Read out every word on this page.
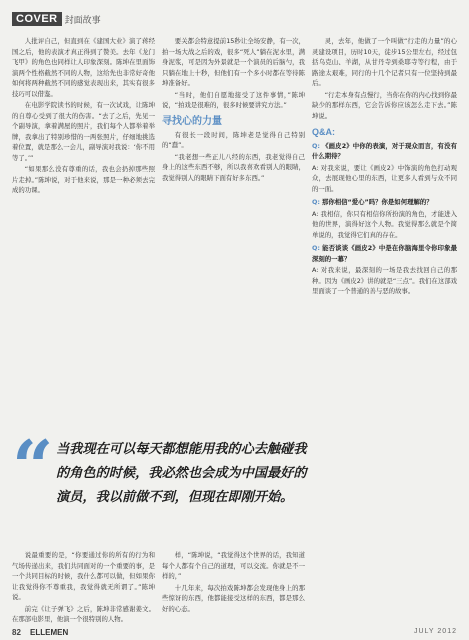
COVER 封面故事

人批评自己，但直到在《建国大业》演了蒋经国之后，他的表演才真正得到了赞美。去年《龙门飞甲》的角色也同样让人印象深刻。陈坤在里面饰演两个性格截然不同的人物，这给先也非常好奇他如何将两种截然不同的感觉表现出来，其实有很多技巧可以借鉴。

在电影学院读书的时候，有一次试戏，让陈坤的自尊心受到了很大的伤害。“去了之后，先见一个副导演，拿着满屋的照片，我们每个人都举着举牌，我拿出了特别珍惜的一两张照片，仔细地挑选着位置，就是那么一会儿，副导演对我说：‘你不用等了。’”

“如果那么没有尊重的话，我也会扔掉那些照片走掉。”陈坤说，对于他来说，那是一种必须去完成的功课。

要关都会特意提前15秒让全场安静，有一次，拍一场大战之后的戏，很多“死人”躺在泥水里，满身泥浆，可是因为外景就是一个演员的后脑勺，我只躺在地上十秒，但他们有一个多小时都在等待陈坤准备好。

“当时，他们自愿地接受了这件事情，”陈坤说，“拍戏是很难的，很多时候要讲究方法。”

寻找心的力量

有很长一段时间，陈坤老是觉得自己特别的“蠢”。

“我老想一些正儿八经的东西，我老觉得自己身上的这些东西不够，所以我喜欢看别人的眼睛，我觉得别人的眼睛下面有好多东西。”

灵，去年，他做了一个叫做“行走的力量”的心灵建设项目，历时10天，徒步15公里左右，经过包括乌克山、羊湖，从甘丹寺到桑耶寺等行程，由于路途太艰难，同行的十几个记者只有一位坚持到最后。

“行走本身有点慢行，当你在你的内心找到你最缺少的那样东西，它会告诉你应该怎么走下去。”陈坤说。

Q&A:

Q: 《画皮2》中你的表演，对于现众而言，有没有什么期待？

A: 对我来说，要让《画皮2》中饰演的角色打动观众，去展现他心里的东西，让更多人看到与众不同的一面。

Q: 那你相信“爱心”吗？你是如何理解的？

A: 我相信，你只有相信你所扮演的角色，才能进入他的世界，演得好这个人物。我觉得那么就是个简单说的，我觉得它们真的存在。

Q: 能否谈谈《画皮2》中是在你脑海里令你印象最深刻的一幕？

A: 对我来说，最深刻的一场是我去找回自己的那种。因为《画皮2》讲的就是“三点”。我们在这部戏里面谈了一个普通的善与恶的故事。

“ 当我现在可以每天都想能用我的心去触碰我的角色的时候，我必然也会成为中国最好的演员，我以前做不到，但现在即刚开始。

说最重要的是，“你要通过你的所有的行为和气场传递出来，我们共同面对的一个重要的事，是一个共同目标的时候，我什么都可以做，但如果你让我觉得你不尊重我，我觉得就无所谓了。”陈坤说。

前完《让子弹飞》之后，陈坤非常感谢姜文。在那部电影里，他演一个很特别的人物。

样，“陈坤说，“我觉得这个世界的话，我知道每个人都有个自己的道理，可以交流。你就是不一样的，”

十几年来，每次拍戏陈坤都会发现他身上的那些惊讶的东西，他都能接受这样的东西，都是那么好的心态。

82 ELLEMEN	JULY 2012
